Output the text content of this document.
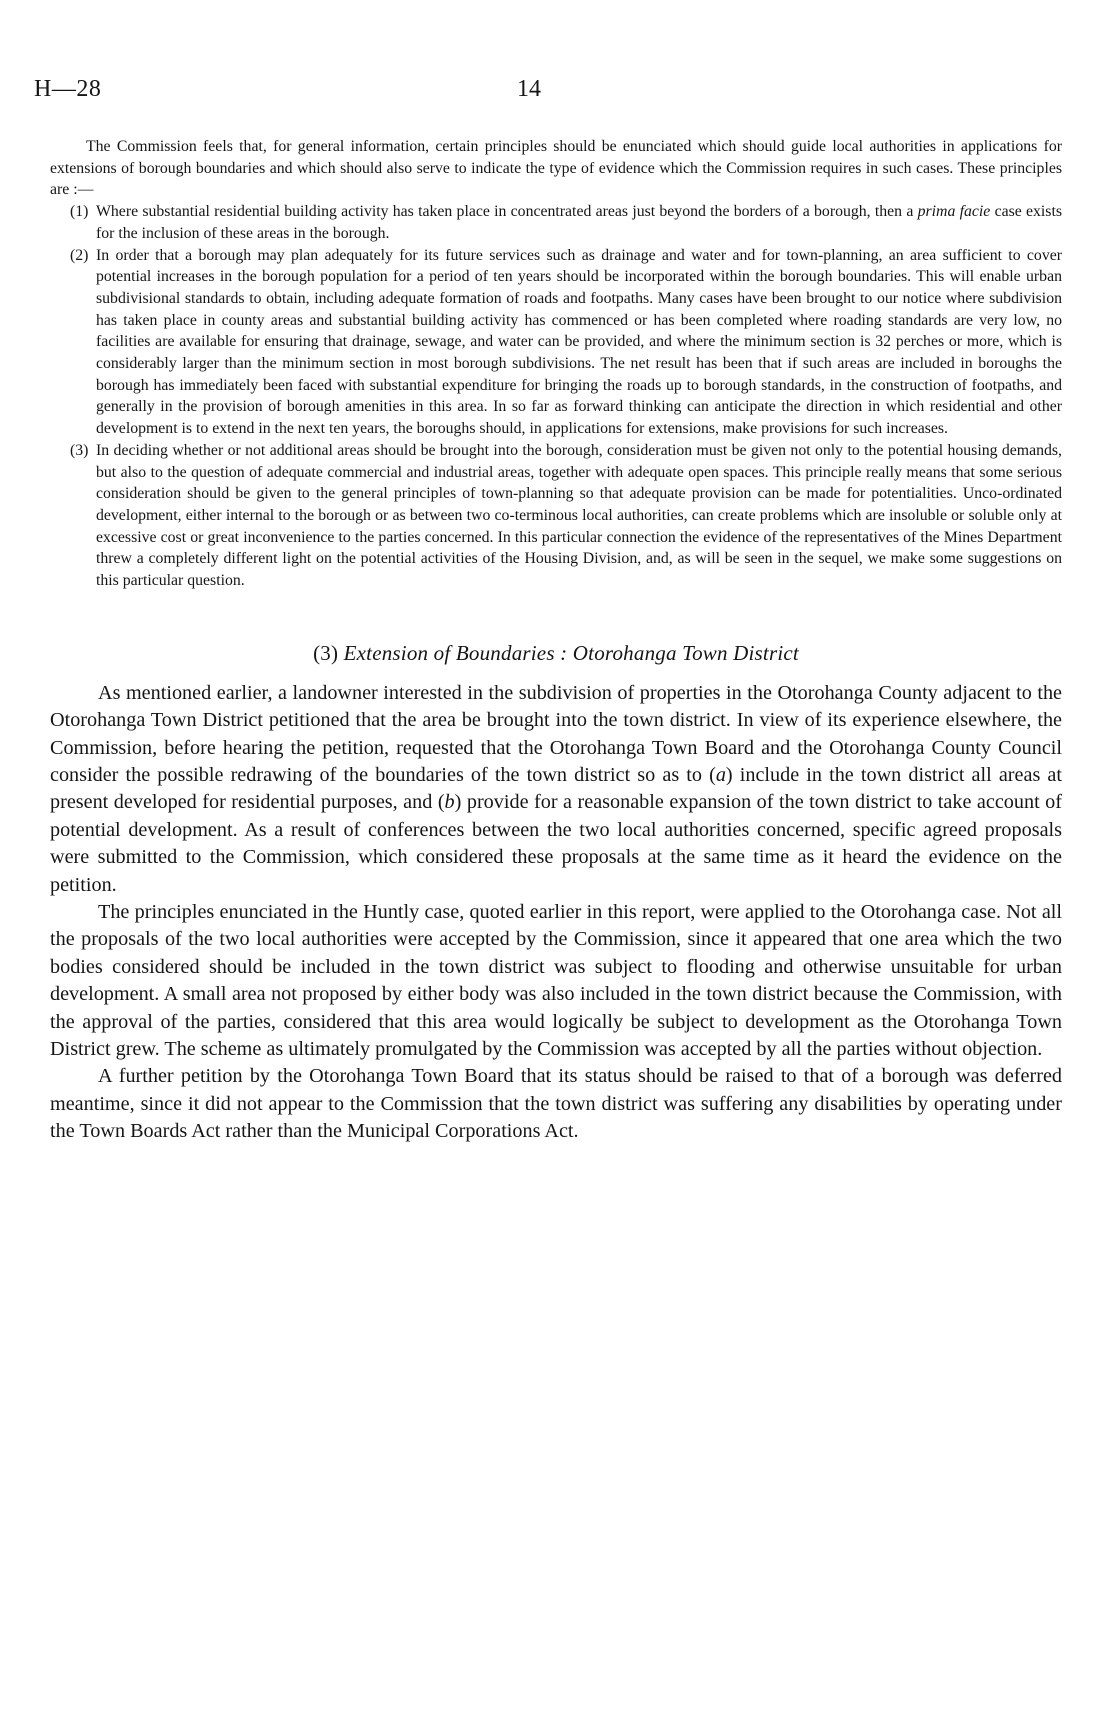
H—28	14

The Commission feels that, for general information, certain principles should be enunciated which should guide local authorities in applications for extensions of borough boundaries and which should also serve to indicate the type of evidence which the Commission requires in such cases. These principles are :—

(1) Where substantial residential building activity has taken place in concentrated areas just beyond the borders of a borough, then a prima facie case exists for the inclusion of these areas in the borough.
(2) In order that a borough may plan adequately for its future services such as drainage and water and for town-planning, an area sufficient to cover potential increases in the borough population for a period of ten years should be incorporated within the borough boundaries. This will enable urban subdivisional standards to obtain, including adequate formation of roads and footpaths. Many cases have been brought to our notice where subdivision has taken place in county areas and substantial building activity has commenced or has been completed where roading standards are very low, no facilities are available for ensuring that drainage, sewage, and water can be provided, and where the minimum section is 32 perches or more, which is considerably larger than the minimum section in most borough subdivisions. The net result has been that if such areas are included in boroughs the borough has immediately been faced with substantial expenditure for bringing the roads up to borough standards, in the construction of footpaths, and generally in the provision of borough amenities in this area. In so far as forward thinking can anticipate the direction in which residential and other development is to extend in the next ten years, the boroughs should, in applications for extensions, make provisions for such increases.
(3) In deciding whether or not additional areas should be brought into the borough, consideration must be given not only to the potential housing demands, but also to the question of adequate commercial and industrial areas, together with adequate open spaces. This principle really means that some serious consideration should be given to the general principles of town-planning so that adequate provision can be made for potentialities. Unco-ordinated development, either internal to the borough or as between two co-terminous local authorities, can create problems which are insoluble or soluble only at excessive cost or great inconvenience to the parties concerned. In this particular connection the evidence of the representatives of the Mines Department threw a completely different light on the potential activities of the Housing Division, and, as will be seen in the sequel, we make some suggestions on this particular question.
(3) Extension of Boundaries : Otorohanga Town District

As mentioned earlier, a landowner interested in the subdivision of properties in the Otorohanga County adjacent to the Otorohanga Town District petitioned that the area be brought into the town district. In view of its experience elsewhere, the Commission, before hearing the petition, requested that the Otorohanga Town Board and the Otorohanga County Council consider the possible redrawing of the boundaries of the town district so as to (a) include in the town district all areas at present developed for residential purposes, and (b) provide for a reasonable expansion of the town district to take account of potential development. As a result of conferences between the two local authorities concerned, specific agreed proposals were submitted to the Commission, which considered these proposals at the same time as it heard the evidence on the petition.

The principles enunciated in the Huntly case, quoted earlier in this report, were applied to the Otorohanga case. Not all the proposals of the two local authorities were accepted by the Commission, since it appeared that one area which the two bodies considered should be included in the town district was subject to flooding and otherwise unsuitable for urban development. A small area not proposed by either body was also included in the town district because the Commission, with the approval of the parties, considered that this area would logically be subject to development as the Otorohanga Town District grew. The scheme as ultimately promulgated by the Commission was accepted by all the parties without objection.

A further petition by the Otorohanga Town Board that its status should be raised to that of a borough was deferred meantime, since it did not appear to the Commission that the town district was suffering any disabilities by operating under the Town Boards Act rather than the Municipal Corporations Act.
